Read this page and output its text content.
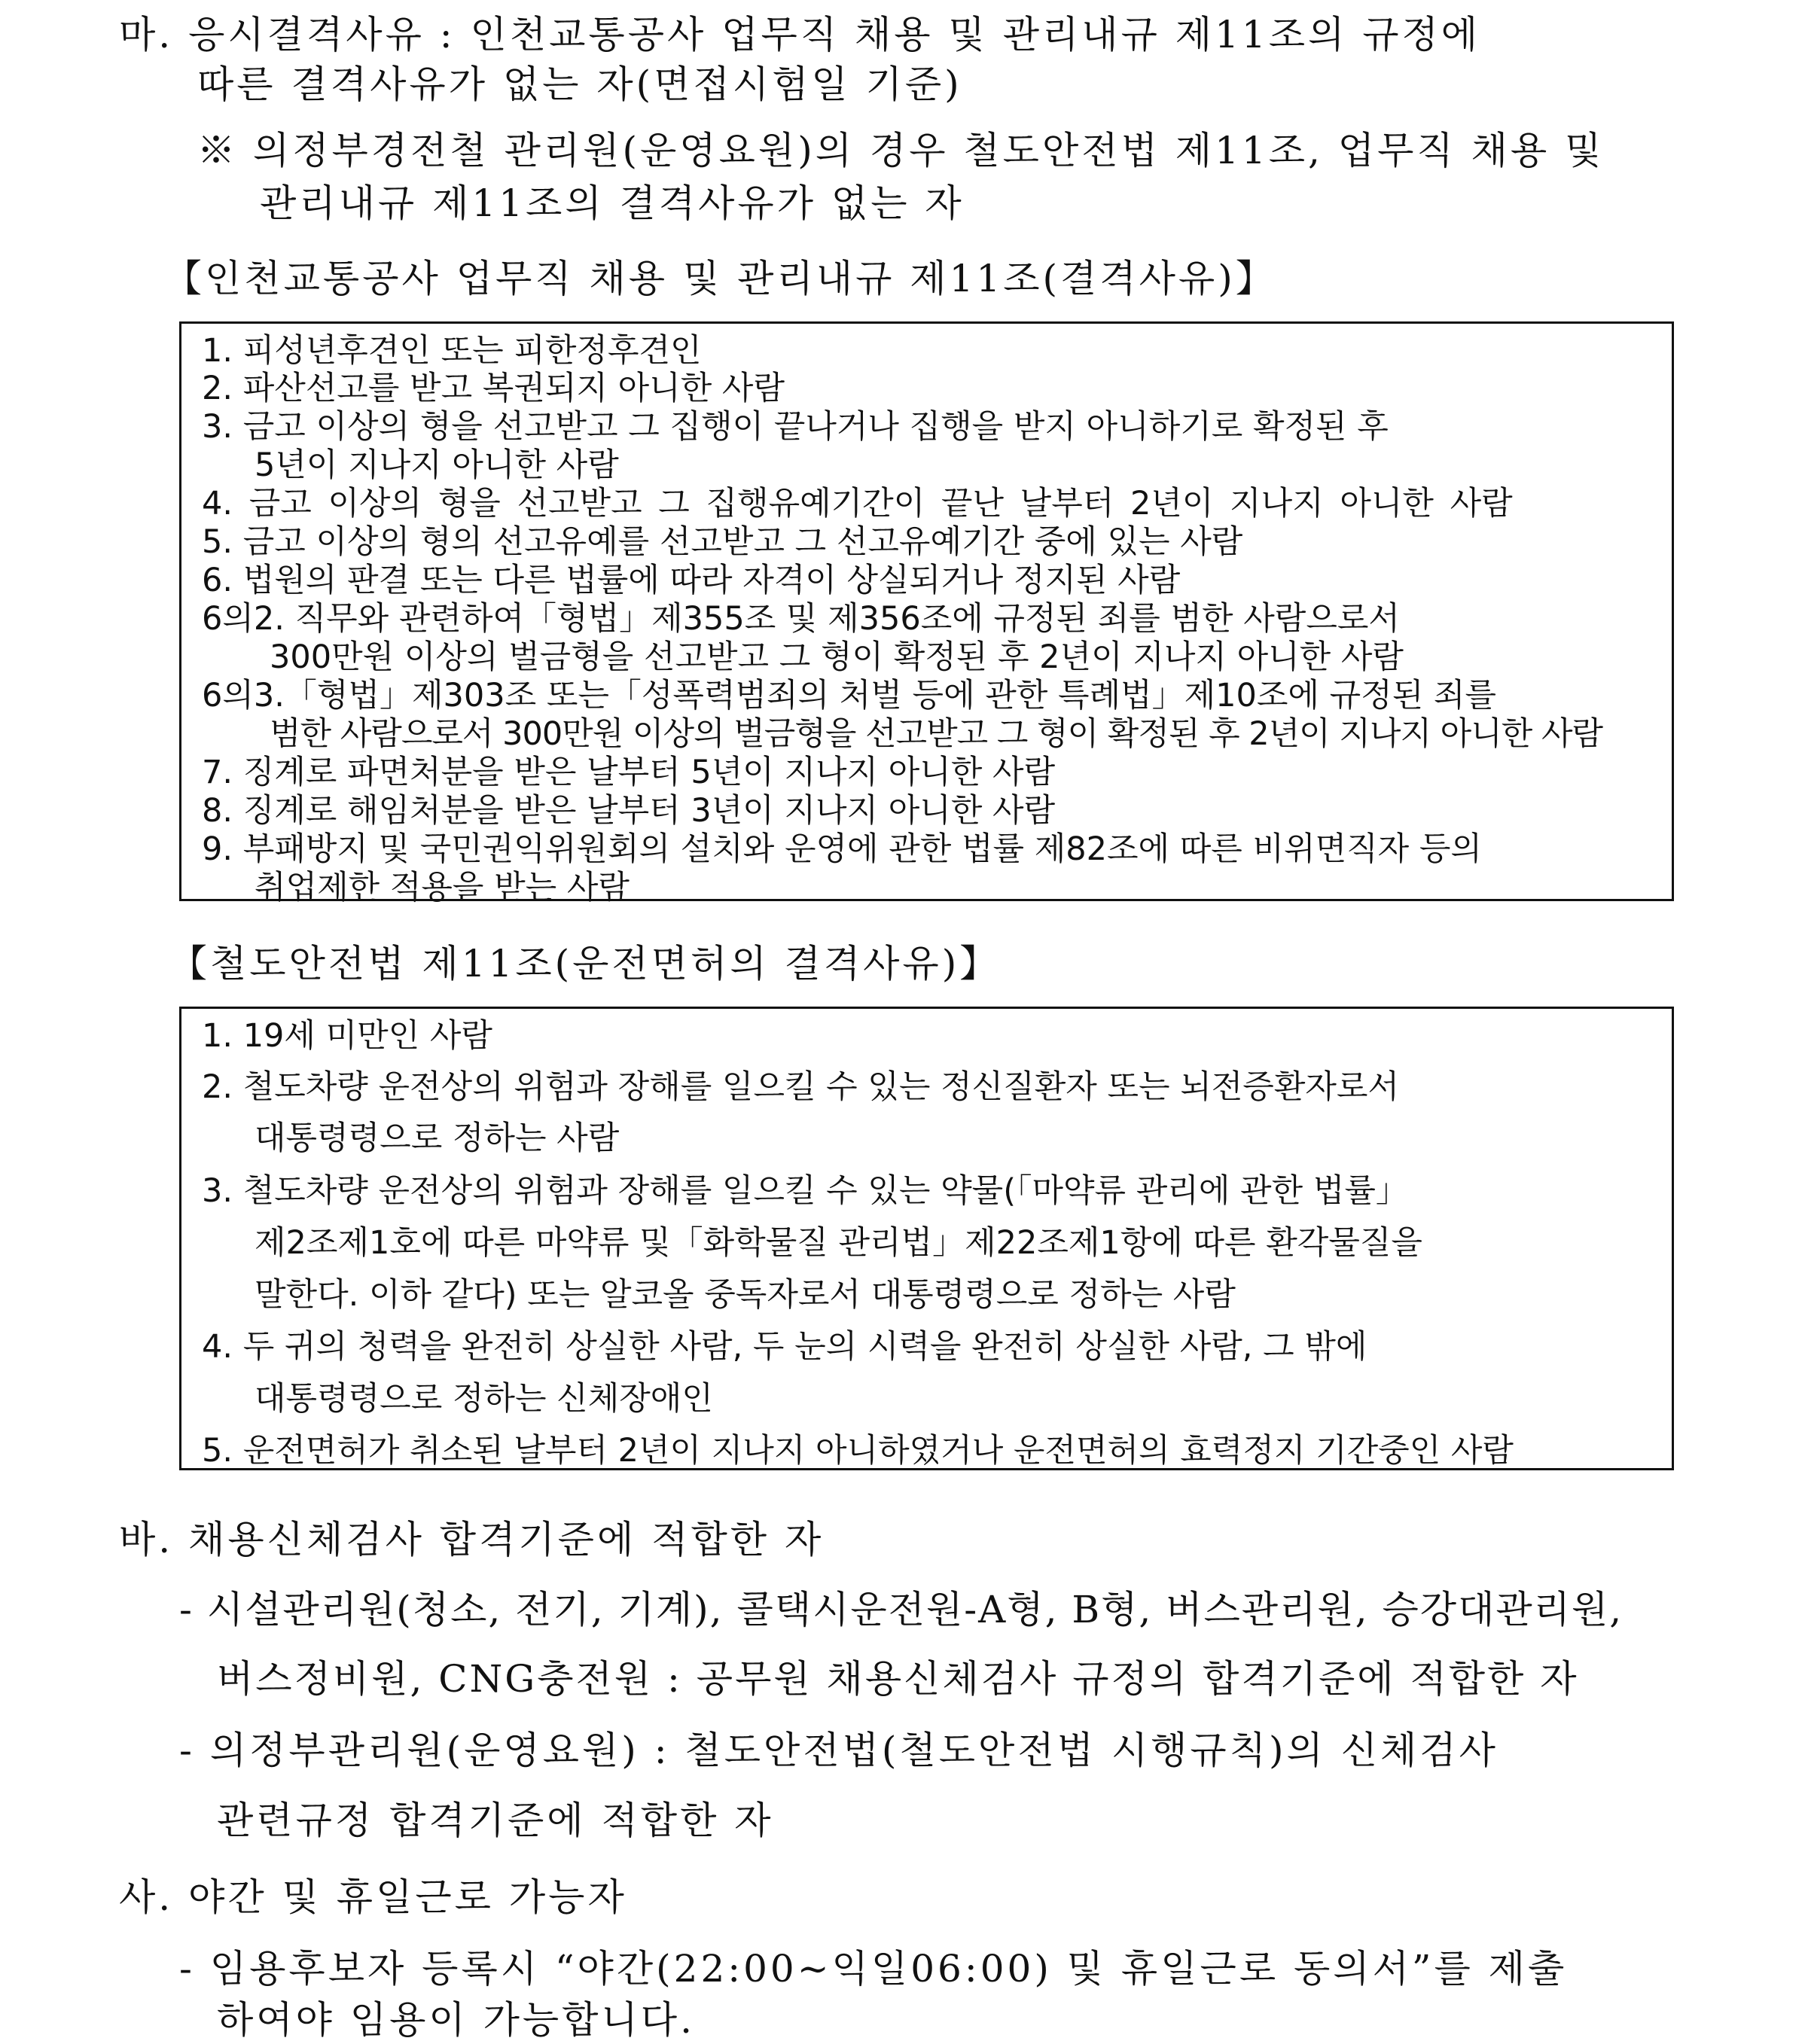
마. 응시결격사유 : 인천교통공사 업무직 채용 및 관리내규 제11조의 규정에
따른 결격사유가 없는 자(면접시험일 기준)
※ 의정부경전철 관리원(운영요원)의 경우 철도안전법 제11조, 업무직 채용 및
관리내규 제11조의 결격사유가 없는 자
【인천교통공사 업무직 채용 및 관리내규 제11조(결격사유)】
1. 피성년후견인 또는 피한정후견인
2. 파산선고를 받고 복권되지 아니한 사람
3. 금고 이상의 형을 선고받고 그 집행이 끝나거나 집행을 받지 아니하기로 확정된 후
5년이 지나지 아니한 사람
4. 금고 이상의 형을 선고받고 그 집행유예기간이 끝난 날부터 2년이 지나지 아니한 사람
5. 금고 이상의 형의 선고유예를 선고받고 그 선고유예기간 중에 있는 사람
6. 법원의 판결 또는 다른 법률에 따라 자격이 상실되거나 정지된 사람
6의2. 직무와 관련하여「형법」제355조 및 제356조에 규정된 죄를 범한 사람으로서
300만원 이상의 벌금형을 선고받고 그 형이 확정된 후 2년이 지나지 아니한 사람
6의3.「형법」제303조 또는「성폭력범죄의 처벌 등에 관한 특례법」제10조에 규정된 죄를
범한 사람으로서 300만원 이상의 벌금형을 선고받고 그 형이 확정된 후 2년이 지나지 아니한 사람
7. 징계로 파면처분을 받은 날부터 5년이 지나지 아니한 사람
8. 징계로 해임처분을 받은 날부터 3년이 지나지 아니한 사람
9. 부패방지 및 국민권익위원회의 설치와 운영에 관한 법률 제82조에 따른 비위면직자 등의
취업제한 적용을 받는 사람
【철도안전법 제11조(운전면허의 결격사유)】
1. 19세 미만인 사람
2. 철도차량 운전상의 위험과 장해를 일으킬 수 있는 정신질환자 또는 뇌전증환자로서
대통령령으로 정하는 사람
3. 철도차량 운전상의 위험과 장해를 일으킬 수 있는 약물(「마약류 관리에 관한 법률」
제2조제1호에 따른 마약류 및「화학물질 관리법」제22조제1항에 따른 환각물질을
말한다. 이하 같다) 또는 알코올 중독자로서 대통령령으로 정하는 사람
4. 두 귀의 청력을 완전히 상실한 사람, 두 눈의 시력을 완전히 상실한 사람, 그 밖에
대통령령으로 정하는 신체장애인
5. 운전면허가 취소된 날부터 2년이 지나지 아니하였거나 운전면허의 효력정지 기간중인 사람
바. 채용신체검사 합격기준에 적합한 자
- 시설관리원(청소, 전기, 기계), 콜택시운전원-A형, B형, 버스관리원, 승강대관리원,
버스정비원, CNG충전원 : 공무원 채용신체검사 규정의 합격기준에 적합한 자
- 의정부관리원(운영요원) : 철도안전법(철도안전법 시행규칙)의 신체검사
관련규정 합격기준에 적합한 자
사. 야간 및 휴일근로 가능자
- 임용후보자 등록시 “야간(22:00∼익일06:00) 및 휴일근로 동의서”를 제출
하여야 임용이 가능합니다.
